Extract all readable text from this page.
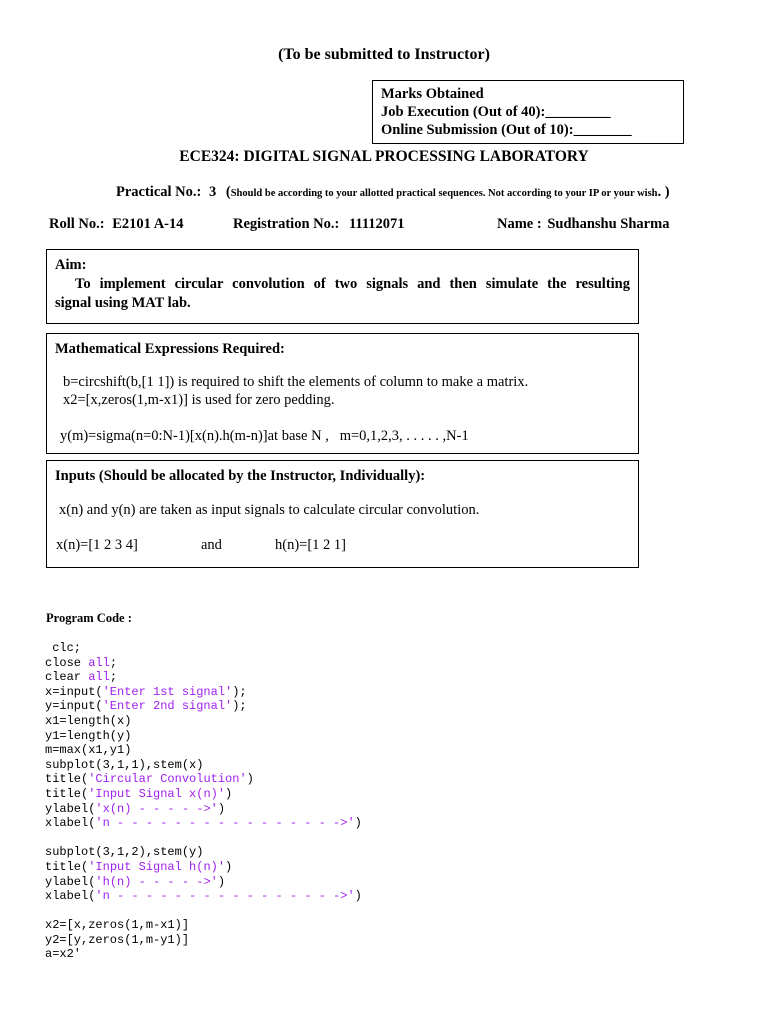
(To be submitted to Instructor)
Marks Obtained
Job Execution (Out of 40):_________
Online Submission (Out of 10):________
ECE324: DIGITAL SIGNAL PROCESSING LABORATORY
Practical No.: 3 (Should be according to your allotted practical sequences. Not according to your IP or your wish. )
Roll No.: E2101 A-14	Registration No.: 11112071	Name : Sudhanshu Sharma
Aim:
To implement circular convolution of two signals and then simulate the resulting
signal using MAT lab.
Mathematical Expressions Required:
b=circshift(b,[1 1]) is required to shift the elements of column to make a matrix.
x2=[x,zeros(1,m-x1)] is used for zero pedding.
y(m)=sigma(n=0:N-1)[x(n).h(m-n)]at base N ,   m=0,1,2,3, . . . . . ,N-1
Inputs (Should be allocated by the Instructor, Individually):
x(n) and y(n) are taken as input signals to calculate circular convolution.
x(n)=[1 2 3 4]	and	h(n)=[1 2 1]
Program Code :
clc;
close all;
clear all;
x=input('Enter 1st signal');
y=input('Enter 2nd signal');
x1=length(x)
y1=length(y)
m=max(x1,y1)
subplot(3,1,1),stem(x)
title('Circular Convolution')
title('Input Signal x(n)')
ylabel('x(n) - - - - ->')
xlabel('n - - - - - - - - - - - - - - - ->')
subplot(3,1,2),stem(y)
title('Input Signal h(n)')
ylabel('h(n) - - - - ->')
xlabel('n - - - - - - - - - - - - - - - ->')
x2=[x,zeros(1,m-x1)]
y2=[y,zeros(1,m-y1)]
a=x2'
